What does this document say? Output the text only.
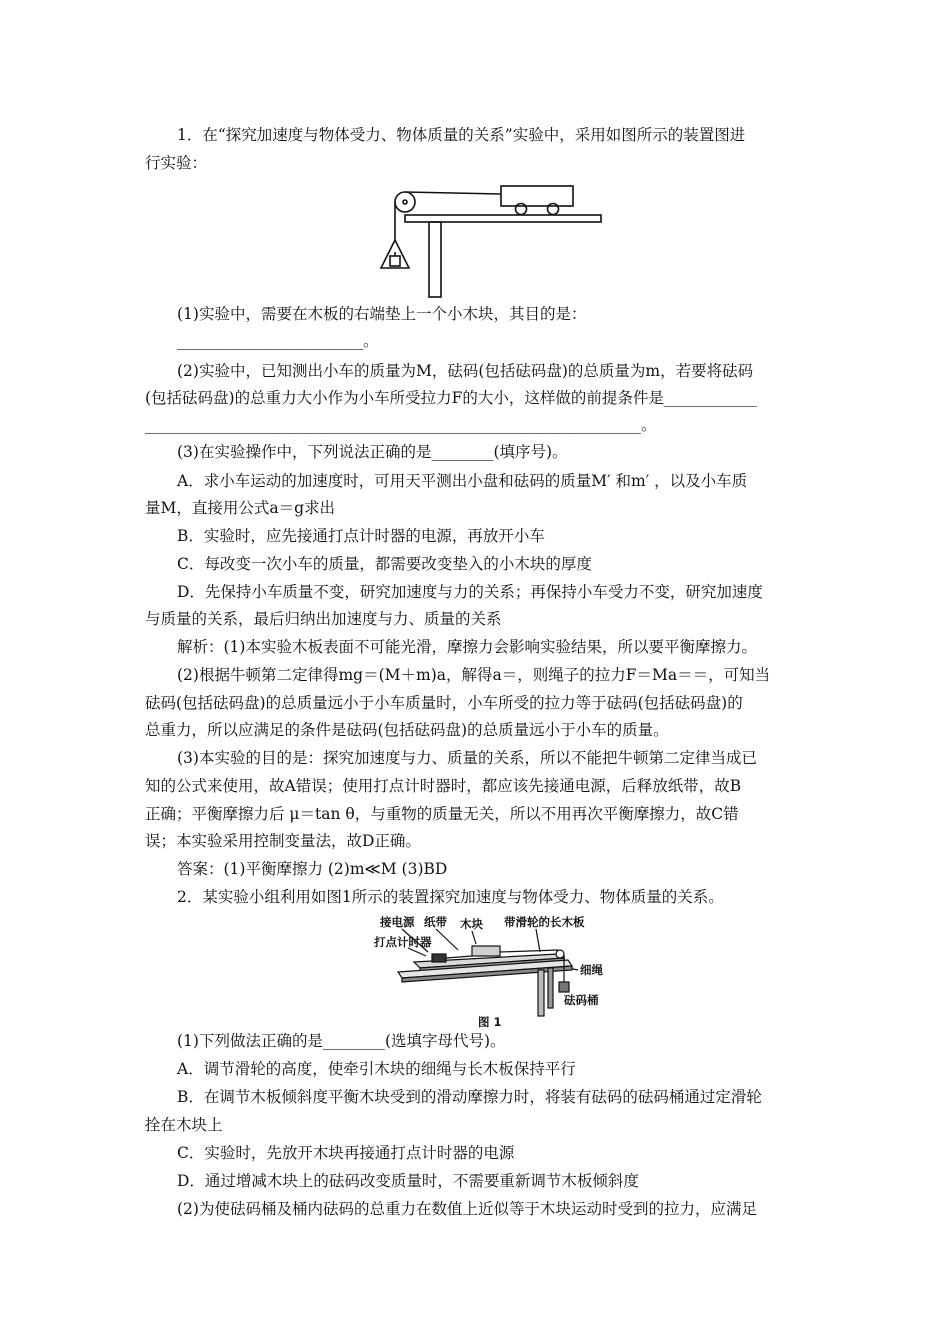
1．在“探究加速度与物体受力、物体质量的关系”实验中，采用如图所示的装置图进
行实验：
(1)实验中，需要在木板的右端垫上一个小木块，其目的是：
________________________。
(2)实验中，已知测出小车的质量为M，砝码(包括砝码盘)的总质量为m，若要将砝码
(包括砝码盘)的总重力大小作为小车所受拉力F的大小，这样做的前提条件是____________
________________________________________________________________。
(3)在实验操作中，下列说法正确的是________(填序号)。
A．求小车运动的加速度时，可用天平测出小盘和砝码的质量M′ 和m′ ，以及小车质
量M，直接用公式a＝g求出
B．实验时，应先接通打点计时器的电源，再放开小车
C．每改变一次小车的质量，都需要改变垫入的小木块的厚度
D．先保持小车质量不变，研究加速度与力的关系；再保持小车受力不变，研究加速度
与质量的关系，最后归纳出加速度与力、质量的关系
解析：(1)本实验木板表面不可能光滑，摩擦力会影响实验结果，所以要平衡摩擦力。
(2)根据牛顿第二定律得mg＝(M＋m)a，解得a＝，则绳子的拉力F＝Ma＝＝，可知当
砝码(包括砝码盘)的总质量远小于小车质量时，小车所受的拉力等于砝码(包括砝码盘)的
总重力，所以应满足的条件是砝码(包括砝码盘)的总质量远小于小车的质量。
(3)本实验的目的是：探究加速度与力、质量的关系，所以不能把牛顿第二定律当成已
知的公式来使用，故A错误；使用打点计时器时，都应该先接通电源，后释放纸带，故B
正确；平衡摩擦力后 μ＝tan θ，与重物的质量无关，所以不用再次平衡摩擦力，故C错
误；本实验采用控制变量法，故D正确。
答案：(1)平衡摩擦力 (2)m≪M (3)BD
2．某实验小组利用如图1所示的装置探究加速度与物体受力、物体质量的关系。
接电源 纸带 木块 带滑轮的长木板
打点计时器
细绳
砝码桶
图 1
(1)下列做法正确的是________(选填字母代号)。
A．调节滑轮的高度，使牵引木块的细绳与长木板保持平行
B．在调节木板倾斜度平衡木块受到的滑动摩擦力时，将装有砝码的砝码桶通过定滑轮
拴在木块上
C．实验时，先放开木块再接通打点计时器的电源
D．通过增减木块上的砝码改变质量时，不需要重新调节木板倾斜度
(2)为使砝码桶及桶内砝码的总重力在数值上近似等于木块运动时受到的拉力，应满足
